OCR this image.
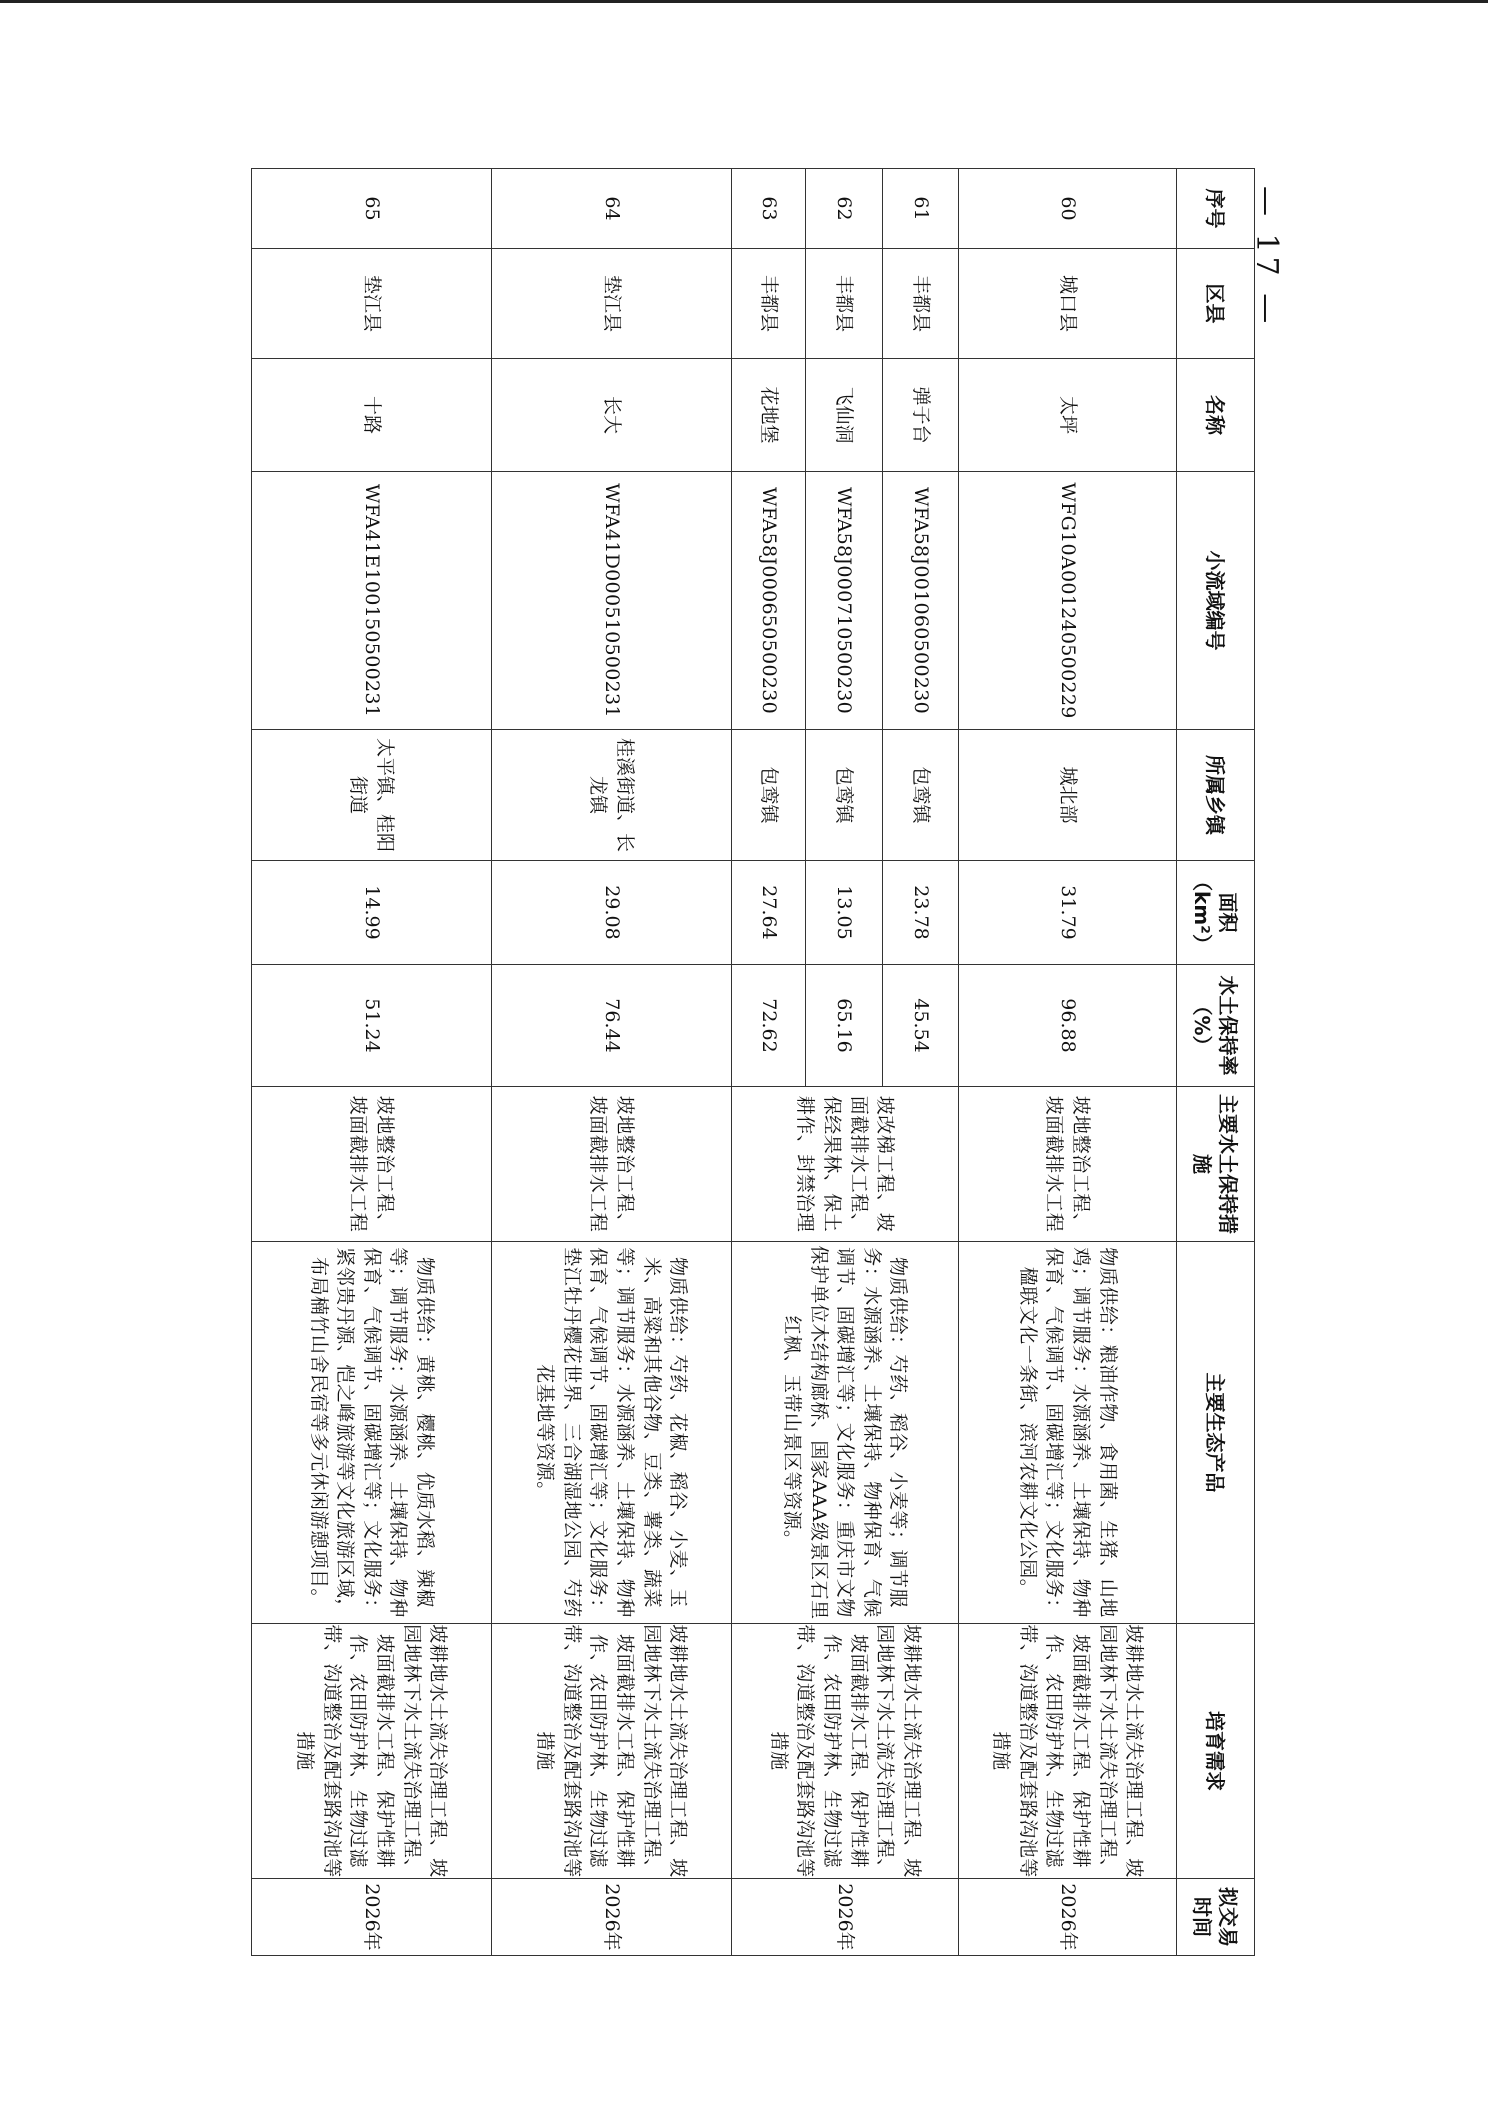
序号	区县	名称	小流域编号	所属乡镇	面积（km²）	水土保持率（%）	主要水土保持措施	主要生态产品	培育需求	拟交易时间
60	城口县	太坪	WFG10A001240500229	城北部	31.79	96.88	坡地整治工程、坡面截排水工程	物质供给：粮油作物、食用菌、生猪、山地鸡；调节服务：水源涵养、土壤保持、物种保育、气候调节、固碳增汇等；文化服务：楹联文化一条街、滨河农耕文化公园。	坡耕地水土流失治理工程、坡园地林下水土流失治理工程、坡面截排水工程、保护性耕作、农田防护林、生物过滤带、沟道整治及配套路沟池等措施	2026年
61	丰都县	弹子台	WFA58J001060500230	包鸾镇	23.78	45.54	坡改梯工程、坡面截排水工程、保经果林、保土耕作、封禁治理	物质供给：芍药、稻谷、小麦等；调节服务：水源涵养、土壤保持、物种保育、气候调节、固碳增汇等；文化服务：重庆市文物保护单位木结构廊桥、国家AAA级景区石里红枫、玉带山景区等资源。	坡耕地水土流失治理工程、坡园地林下水土流失治理工程、坡面截排水工程、保护性耕作、农田防护林、生物过滤带、沟道整治及配套路沟池等措施	2026年
62	丰都县	飞仙洞	WFA58J000710500230	包鸾镇	13.05	65.16				
63	丰都县	花地堡	WFA58J000650500230	包鸾镇	27.64	72.62				
64	垫江县	长大	WFA41D000510500231	桂溪街道、长龙镇	29.08	76.44	坡地整治工程、坡面截排水工程	物质供给：芍药、花椒、稻谷、小麦、玉米、高粱和其他谷物、豆类、薯类、蔬菜等；调节服务：水源涵养、土壤保持、物种保育、气候调节、固碳增汇等；文化服务：垫江牡丹樱花世界、三合湖湿地公园、芍药花基地等资源。	坡耕地水土流失治理工程、坡园地林下水土流失治理工程、坡面截排水工程、保护性耕作、农田防护林、生物过滤带、沟道整治及配套路沟池等措施	2026年
65	垫江县	十路	WFA41E100150500231	太平镇、桂阳街道	14.99	51.24	坡地整治工程、坡面截排水工程	物质供给：黄桃、樱桃、优质水稻、辣椒等；调节服务：水源涵养、土壤保持、物种保育、气候调节、固碳增汇等；文化服务：紧邻贵丹源、恺之峰旅游等文化旅游区域，布局楠竹山舍民宿等多元休闲游憩项目。	坡耕地水土流失治理工程、坡园地林下水土流失治理工程、坡面截排水工程、保护性耕作、农田防护林、生物过滤带、沟道整治及配套路沟池等措施	2026年
— 17 —
